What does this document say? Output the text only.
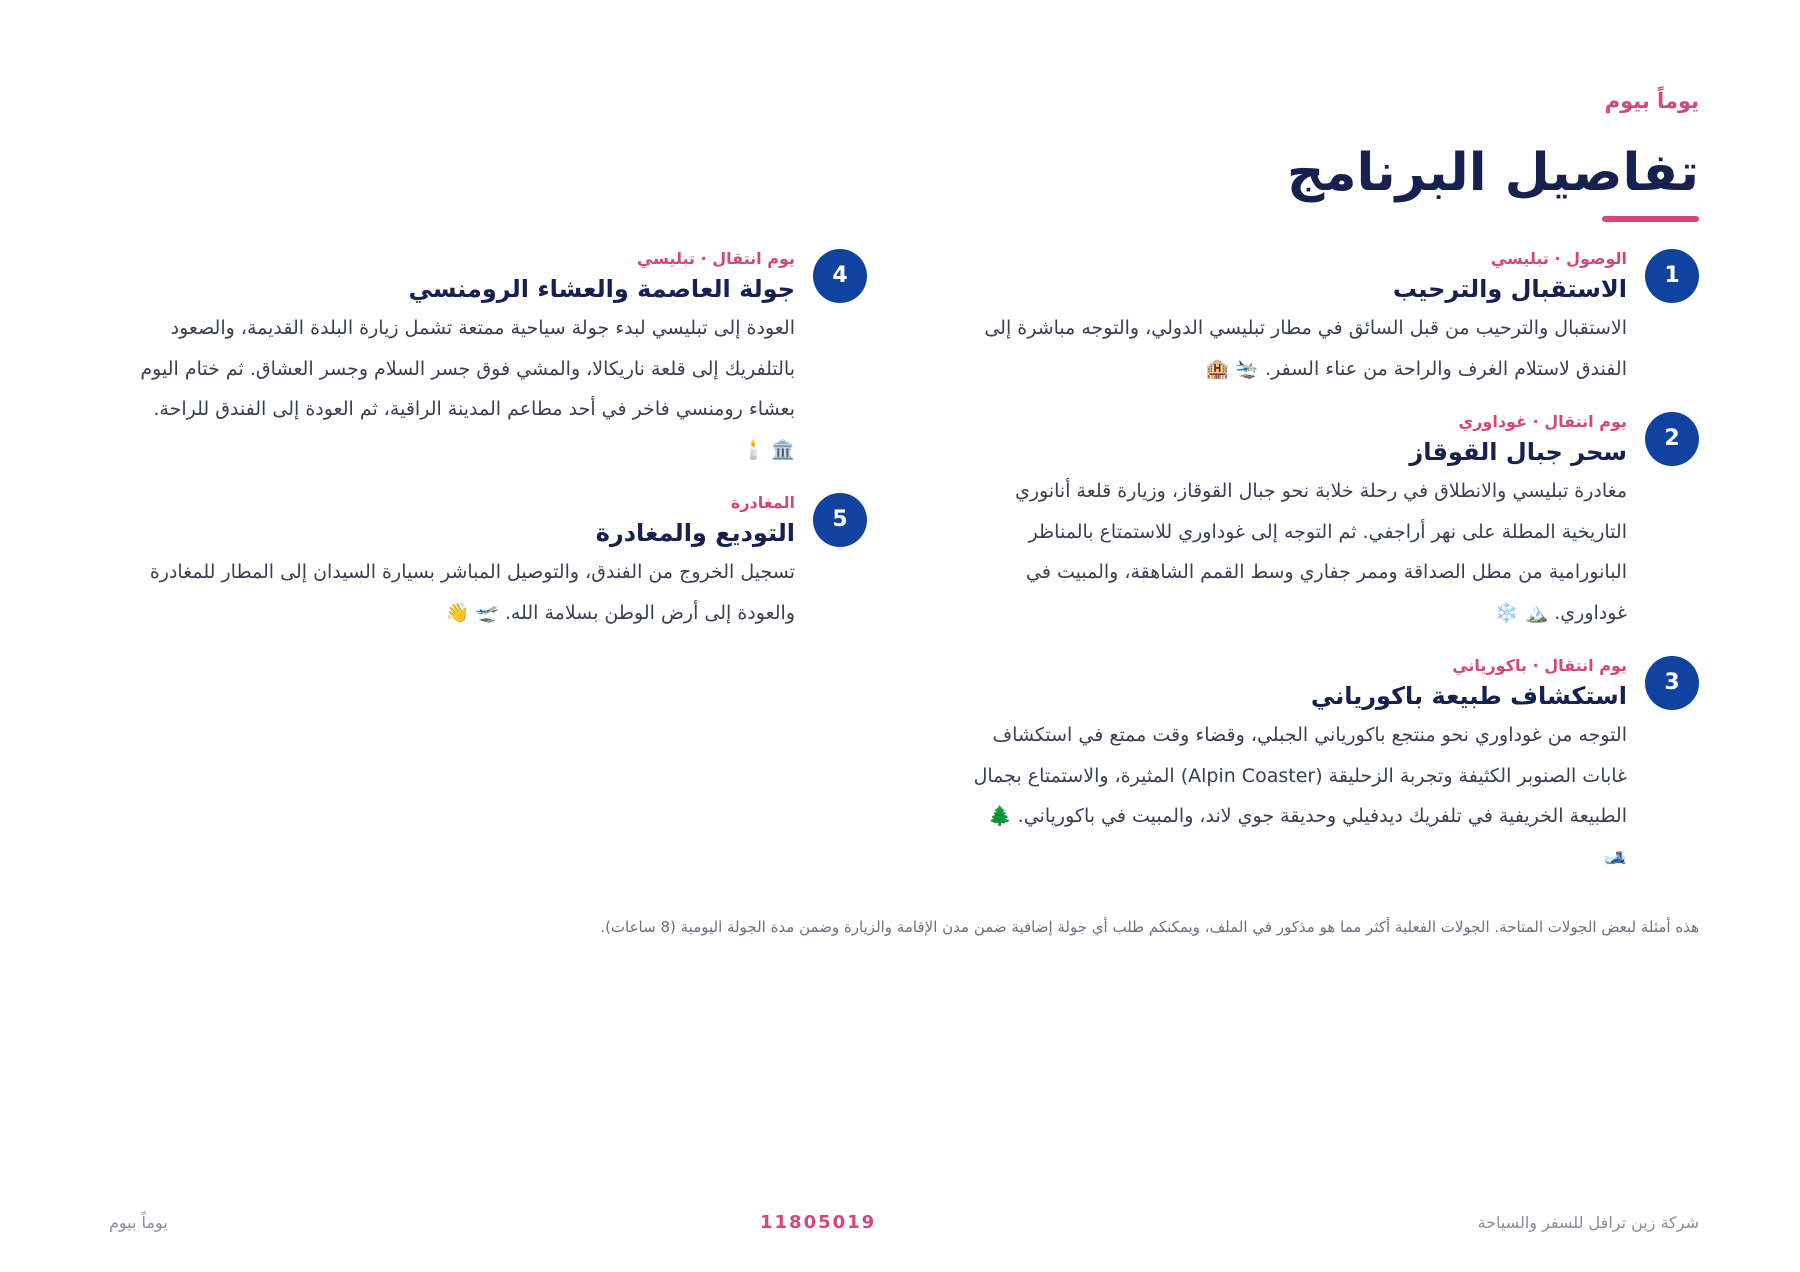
يوماً بيوم
تفاصيل البرنامج
1
الوصول · تبليسي
الاستقبال والترحيب
الاستقبال والترحيب من قبل السائق في مطار تبليسي الدولي، والتوجه مباشرة إلى الفندق لاستلام الغرف والراحة من عناء السفر. 🛬 🏨
2
يوم انتقال · غوداوري
سحر جبال القوقاز
مغادرة تبليسي والانطلاق في رحلة خلابة نحو جبال القوقاز، وزيارة قلعة أنانوري التاريخية المطلة على نهر أراجفي. ثم التوجه إلى غوداوري للاستمتاع بالمناظر البانورامية من مطل الصداقة وممر جفاري وسط القمم الشاهقة، والمبيت في غوداوري. 🏔️ ❄️
3
يوم انتقال · باكورياني
استكشاف طبيعة باكورياني
التوجه من غوداوري نحو منتجع باكورياني الجبلي، وقضاء وقت ممتع في استكشاف غابات الصنوبر الكثيفة وتجربة الزحليقة (Alpin Coaster) المثيرة، والاستمتاع بجمال الطبيعة الخريفية في تلفريك ديدفيلي وحديقة جوي لاند، والمبيت في باكورياني. 🌲 🎿
4
يوم انتقال · تبليسي
جولة العاصمة والعشاء الرومنسي
العودة إلى تبليسي لبدء جولة سياحية ممتعة تشمل زيارة البلدة القديمة، والصعود بالتلفريك إلى قلعة ناريكالا، والمشي فوق جسر السلام وجسر العشاق. ثم ختام اليوم بعشاء رومنسي فاخر في أحد مطاعم المدينة الراقية، ثم العودة إلى الفندق للراحة. 🏛️ 🕯️
5
المغادرة
التوديع والمغادرة
تسجيل الخروج من الفندق، والتوصيل المباشر بسيارة السيدان إلى المطار للمغادرة والعودة إلى أرض الوطن بسلامة الله. 🛫 👋
هذه أمثلة لبعض الجولات المتاحة. الجولات الفعلية أكثر مما هو مذكور في الملف، ويمكنكم طلب أي جولة إضافية ضمن مدن الإقامة والزيارة وضمن مدة الجولة اليومية (8 ساعات).
شركة زين ترافل للسفر والسياحة
11805019
يوماً بيوم
